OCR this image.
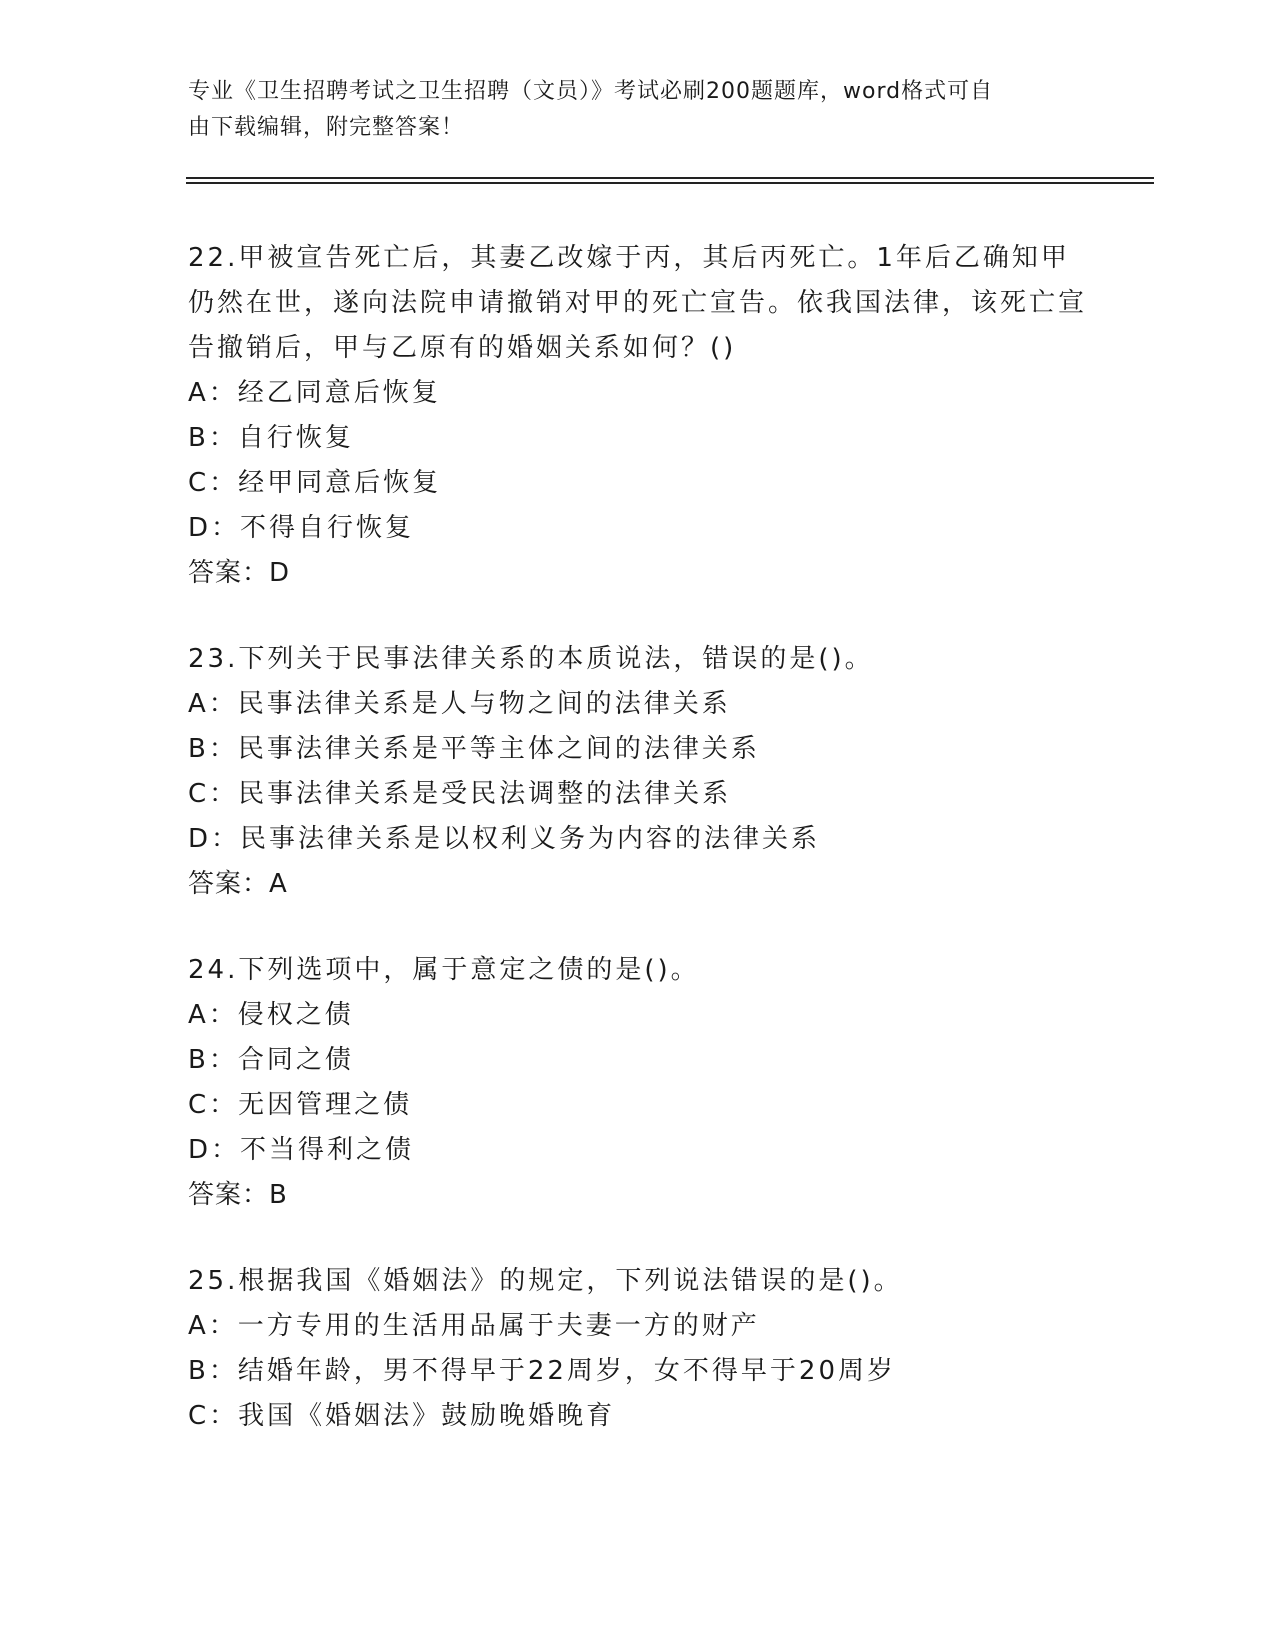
专业《卫生招聘考试之卫生招聘（文员）》考试必刷200题题库，word格式可自
由下载编辑，附完整答案！
22.甲被宣告死亡后，其妻乙改嫁于丙，其后丙死亡。1年后乙确知甲仍然在世，遂向法院申请撤销对甲的死亡宣告。依我国法律，该死亡宣告撤销后，甲与乙原有的婚姻关系如何？()
A：经乙同意后恢复
B：自行恢复
C：经甲同意后恢复
D：不得自行恢复
答案：D
23.下列关于民事法律关系的本质说法，错误的是()。
A：民事法律关系是人与物之间的法律关系
B：民事法律关系是平等主体之间的法律关系
C：民事法律关系是受民法调整的法律关系
D：民事法律关系是以权利义务为内容的法律关系
答案：A
24.下列选项中，属于意定之债的是()。
A：侵权之债
B：合同之债
C：无因管理之债
D：不当得利之债
答案：B
25.根据我国《婚姻法》的规定，下列说法错误的是()。
A：一方专用的生活用品属于夫妻一方的财产
B：结婚年龄，男不得早于22周岁，女不得早于20周岁
C：我国《婚姻法》鼓励晚婚晚育
